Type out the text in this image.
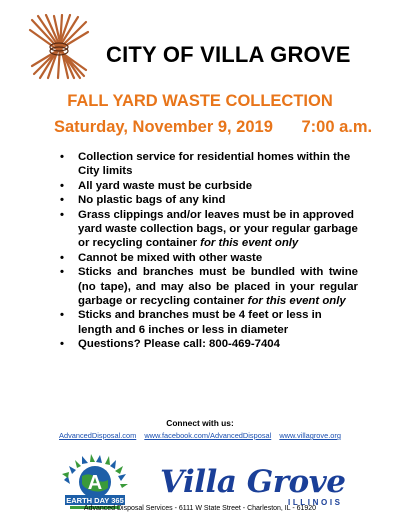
CITY OF VILLA GROVE
FALL YARD WASTE COLLECTION
Saturday, November 9, 2019 7:00 a.m.
• Collection service for residential homes within the City limits
• All yard waste must be curbside
• No plastic bags of any kind
• Grass clippings and/or leaves must be in approved yard waste collection bags, or your regular garbage or recycling container for this event only
• Cannot be mixed with other waste
• Sticks and branches must be bundled with twine (no tape), and may also be placed in your regular garbage or recycling container for this event only
• Sticks and branches must be 4 feet or less in length and 6 inches or less in diameter
• Questions? Please call: 800-469-7404
Connect with us:
AdvancedDisposal.com www.facebook.com/AdvancedDisposal www.villagrove.org
A
EARTH DAY 365
Villa Grove
ILLINOIS
Advanced Disposal Services - 6111 W State Street - Charleston, IL - 61920
